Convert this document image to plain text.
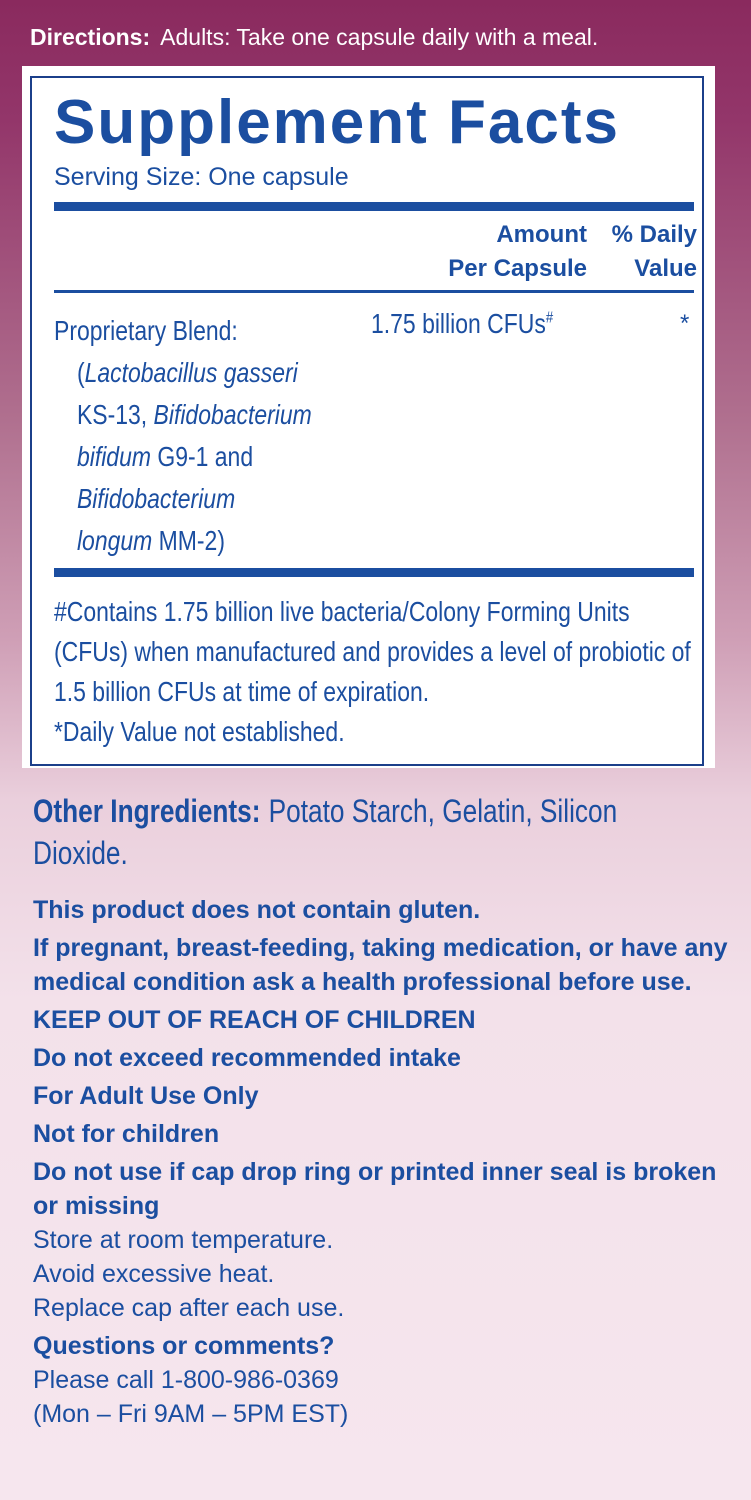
Directions: Adults: Take one capsule daily with a meal.
Supplement Facts
Serving Size: One capsule
Amount
Per Capsule
% Daily
Value
Proprietary Blend:
(Lactobacillus gasseri KS-13, Bifidobacterium bifidum G9-1 and Bifidobacterium longum MM-2)
1.75 billion CFUs#	*

#Contains 1.75 billion live bacteria/Colony Forming Units (CFUs) when manufactured and provides a level of probiotic of 1.5 billion CFUs at time of expiration.

*Daily Value not established.

Other Ingredients: Potato Starch, Gelatin, Silicon Dioxide.

This product does not contain gluten.

If pregnant, breast-feeding, taking medication, or have any medical condition ask a health professional before use.

KEEP OUT OF REACH OF CHILDREN

Do not exceed recommended intake

For Adult Use Only

Not for children

Do not use if cap drop ring or printed inner seal is broken or missing

Store at room temperature.

Avoid excessive heat.

Replace cap after each use.

Questions or comments?

Please call 1-800-986-0369

(Mon – Fri 9AM – 5PM EST)
